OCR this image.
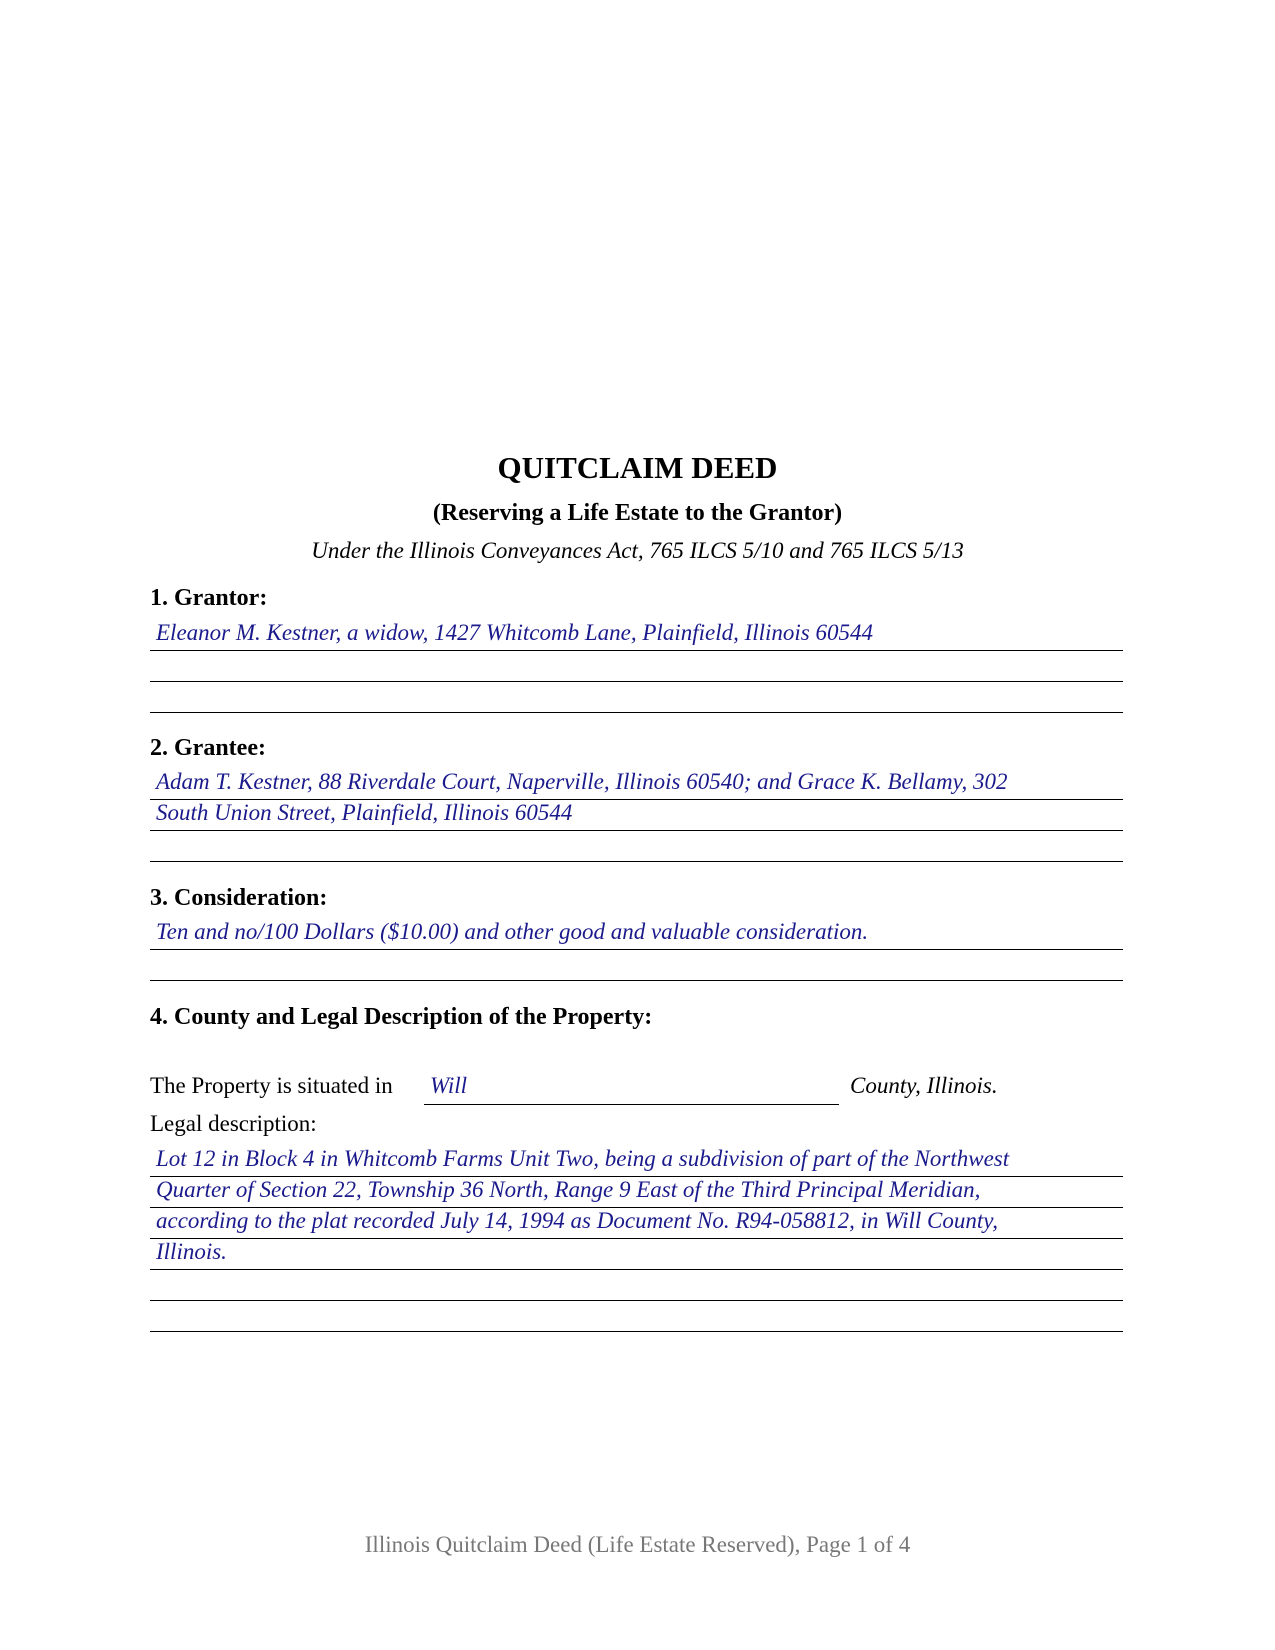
QUITCLAIM DEED
(Reserving a Life Estate to the Grantor)
Under the Illinois Conveyances Act, 765 ILCS 5/10 and 765 ILCS 5/13
1. Grantor:
Eleanor M. Kestner, a widow, 1427 Whitcomb Lane, Plainfield, Illinois 60544
2. Grantee:
Adam T. Kestner, 88 Riverdale Court, Naperville, Illinois 60540; and Grace K. Bellamy, 302
South Union Street, Plainfield, Illinois 60544
3. Consideration:
Ten and no/100 Dollars ($10.00) and other good and valuable consideration.
4. County and Legal Description of the Property:
The Property is situated in Will	County, Illinois.
Legal description:
Lot 12 in Block 4 in Whitcomb Farms Unit Two, being a subdivision of part of the Northwest
Quarter of Section 22, Township 36 North, Range 9 East of the Third Principal Meridian,
according to the plat recorded July 14, 1994 as Document No. R94-058812, in Will County,
Illinois.
Illinois Quitclaim Deed (Life Estate Reserved), Page 1 of 4
